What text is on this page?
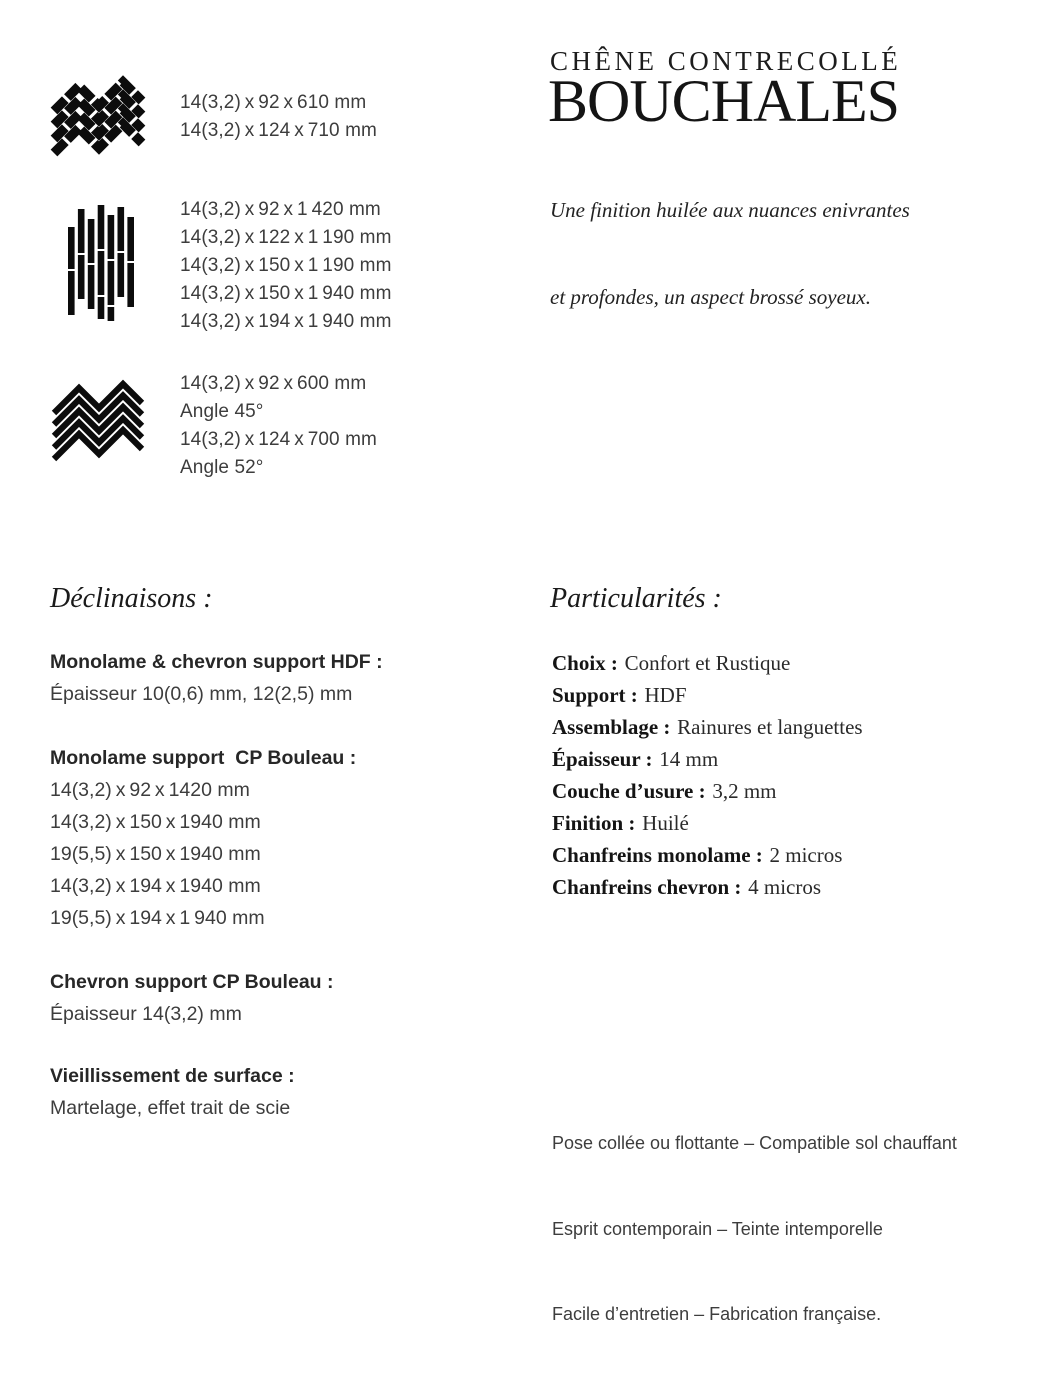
14(3,2) x 92 x 610 mm
14(3,2) x 124 x 710 mm
14(3,2) x 92 x 1 420 mm
14(3,2) x 122 x 1 190 mm
14(3,2) x 150 x 1 190 mm
14(3,2) x 150 x 1 940 mm
14(3,2) x 194 x 1 940 mm
14(3,2) x 92 x 600 mm
Angle 45°
14(3,2) x 124 x 700 mm
Angle 52°
CHÊNE CONTRECOLLÉ
BOUCHALES

Une finition huilée aux nuances enivrantes

et profondes, un aspect brossé soyeux.

Déclinaisons :
Monolame & chevron support HDF :
Épaisseur 10(0,6) mm, 12(2,5) mm
Monolame support  CP Bouleau :
14(3,2) x 92 x 1420 mm
14(3,2) x 150 x 1940 mm
19(5,5) x 150 x 1940 mm
14(3,2) x 194 x 1940 mm
19(5,5) x 194 x 1 940 mm
Chevron support CP Bouleau :
Épaisseur 14(3,2) mm
Vieillissement de surface :
Martelage, effet trait de scie
Particularités :
Choix : Confort et Rustique
Support : HDF
Assemblage : Rainures et languettes
Épaisseur : 14 mm
Couche d’usure : 3,2 mm
Finition : Huilé
Chanfreins monolame : 2 micros
Chanfreins chevron : 4 micros

Pose collée ou flottante – Compatible sol chauffant

Esprit contemporain – Teinte intemporelle

Facile d’entretien – Fabrication française.
